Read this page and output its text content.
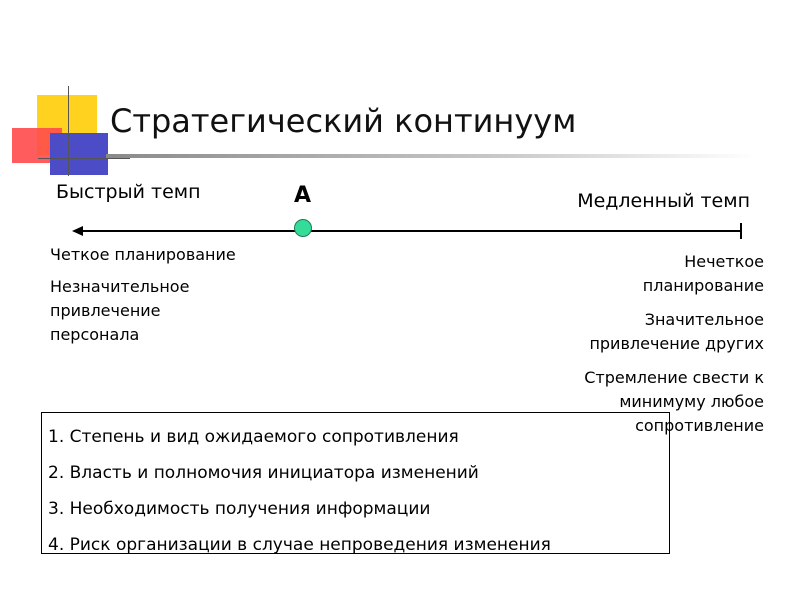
Стратегический континуум
Быстрый темп	Медленный темп
А
Четкое планирование
Незначительное привлечение персонала
Нечеткое планирование
Значительное привлечение других
Стремление свести к минимуму любое сопротивление
1. Степень и вид ожидаемого сопротивления
2. Власть и полномочия инициатора изменений
3. Необходимость получения информации
4. Риск организации в случае непроведения изменения
